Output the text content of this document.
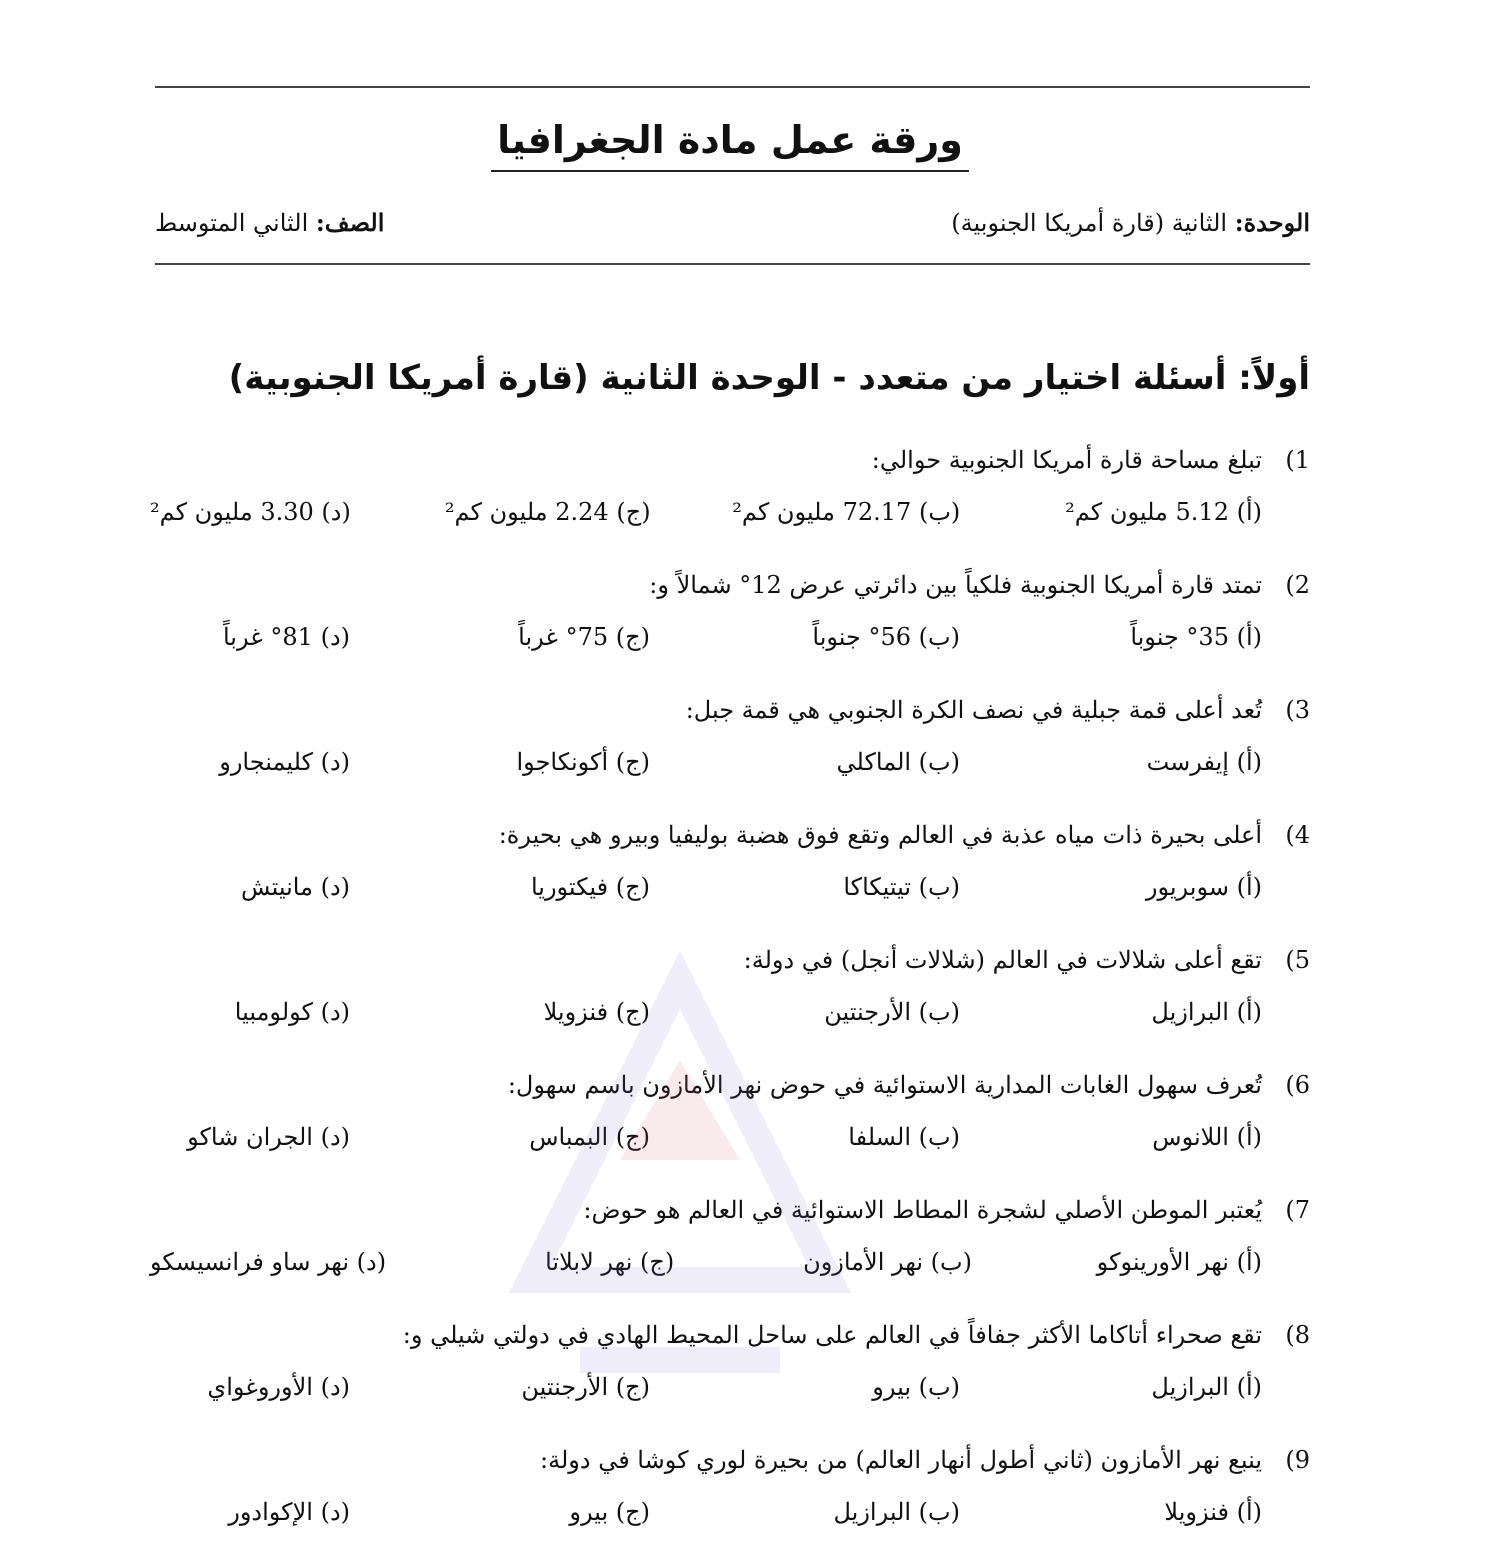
ورقة عمل مادة الجغرافيا
الوحدة: الثانية (قارة أمريكا الجنوبية)
الصف: الثاني المتوسط
أولاً: أسئلة اختيار من متعدد - الوحدة الثانية (قارة أمريكا الجنوبية)
1)تبلغ مساحة قارة أمريكا الجنوبية حوالي:
(أ) 5.12 مليون كم²
(ب) 72.17 مليون كم²
(ج) 2.24 مليون كم²
(د) 3.30 مليون كم²
2)تمتد قارة أمريكا الجنوبية فلكياً بين دائرتي عرض 12° شمالاً و:
(أ) 35° جنوباً
(ب) 56° جنوباً
(ج) 75° غرباً
(د) 81° غرباً
3)تُعد أعلى قمة جبلية في نصف الكرة الجنوبي هي قمة جبل:
(أ) إيفرست
(ب) الماكلي
(ج) أكونكاجوا
(د) كليمنجارو
4)أعلى بحيرة ذات مياه عذبة في العالم وتقع فوق هضبة بوليفيا وبيرو هي بحيرة:
(أ) سوبريور
(ب) تيتيكاكا
(ج) فيكتوريا
(د) مانيتش
5)تقع أعلى شلالات في العالم (شلالات أنجل) في دولة:
(أ) البرازيل
(ب) الأرجنتين
(ج) فنزويلا
(د) كولومبيا
6)تُعرف سهول الغابات المدارية الاستوائية في حوض نهر الأمازون باسم سهول:
(أ) اللانوس
(ب) السلفا
(ج) البمباس
(د) الجران شاكو
7)يُعتبر الموطن الأصلي لشجرة المطاط الاستوائية في العالم هو حوض:
(أ) نهر الأورينوكو
(ب) نهر الأمازون
(ج) نهر لابلاتا
(د) نهر ساو فرانسيسكو
8)تقع صحراء أتاكاما الأكثر جفافاً في العالم على ساحل المحيط الهادي في دولتي شيلي و:
(أ) البرازيل
(ب) بيرو
(ج) الأرجنتين
(د) الأوروغواي
9)ينبع نهر الأمازون (ثاني أطول أنهار العالم) من بحيرة لوري كوشا في دولة:
(أ) فنزويلا
(ب) البرازيل
(ج) بيرو
(د) الإكوادور
